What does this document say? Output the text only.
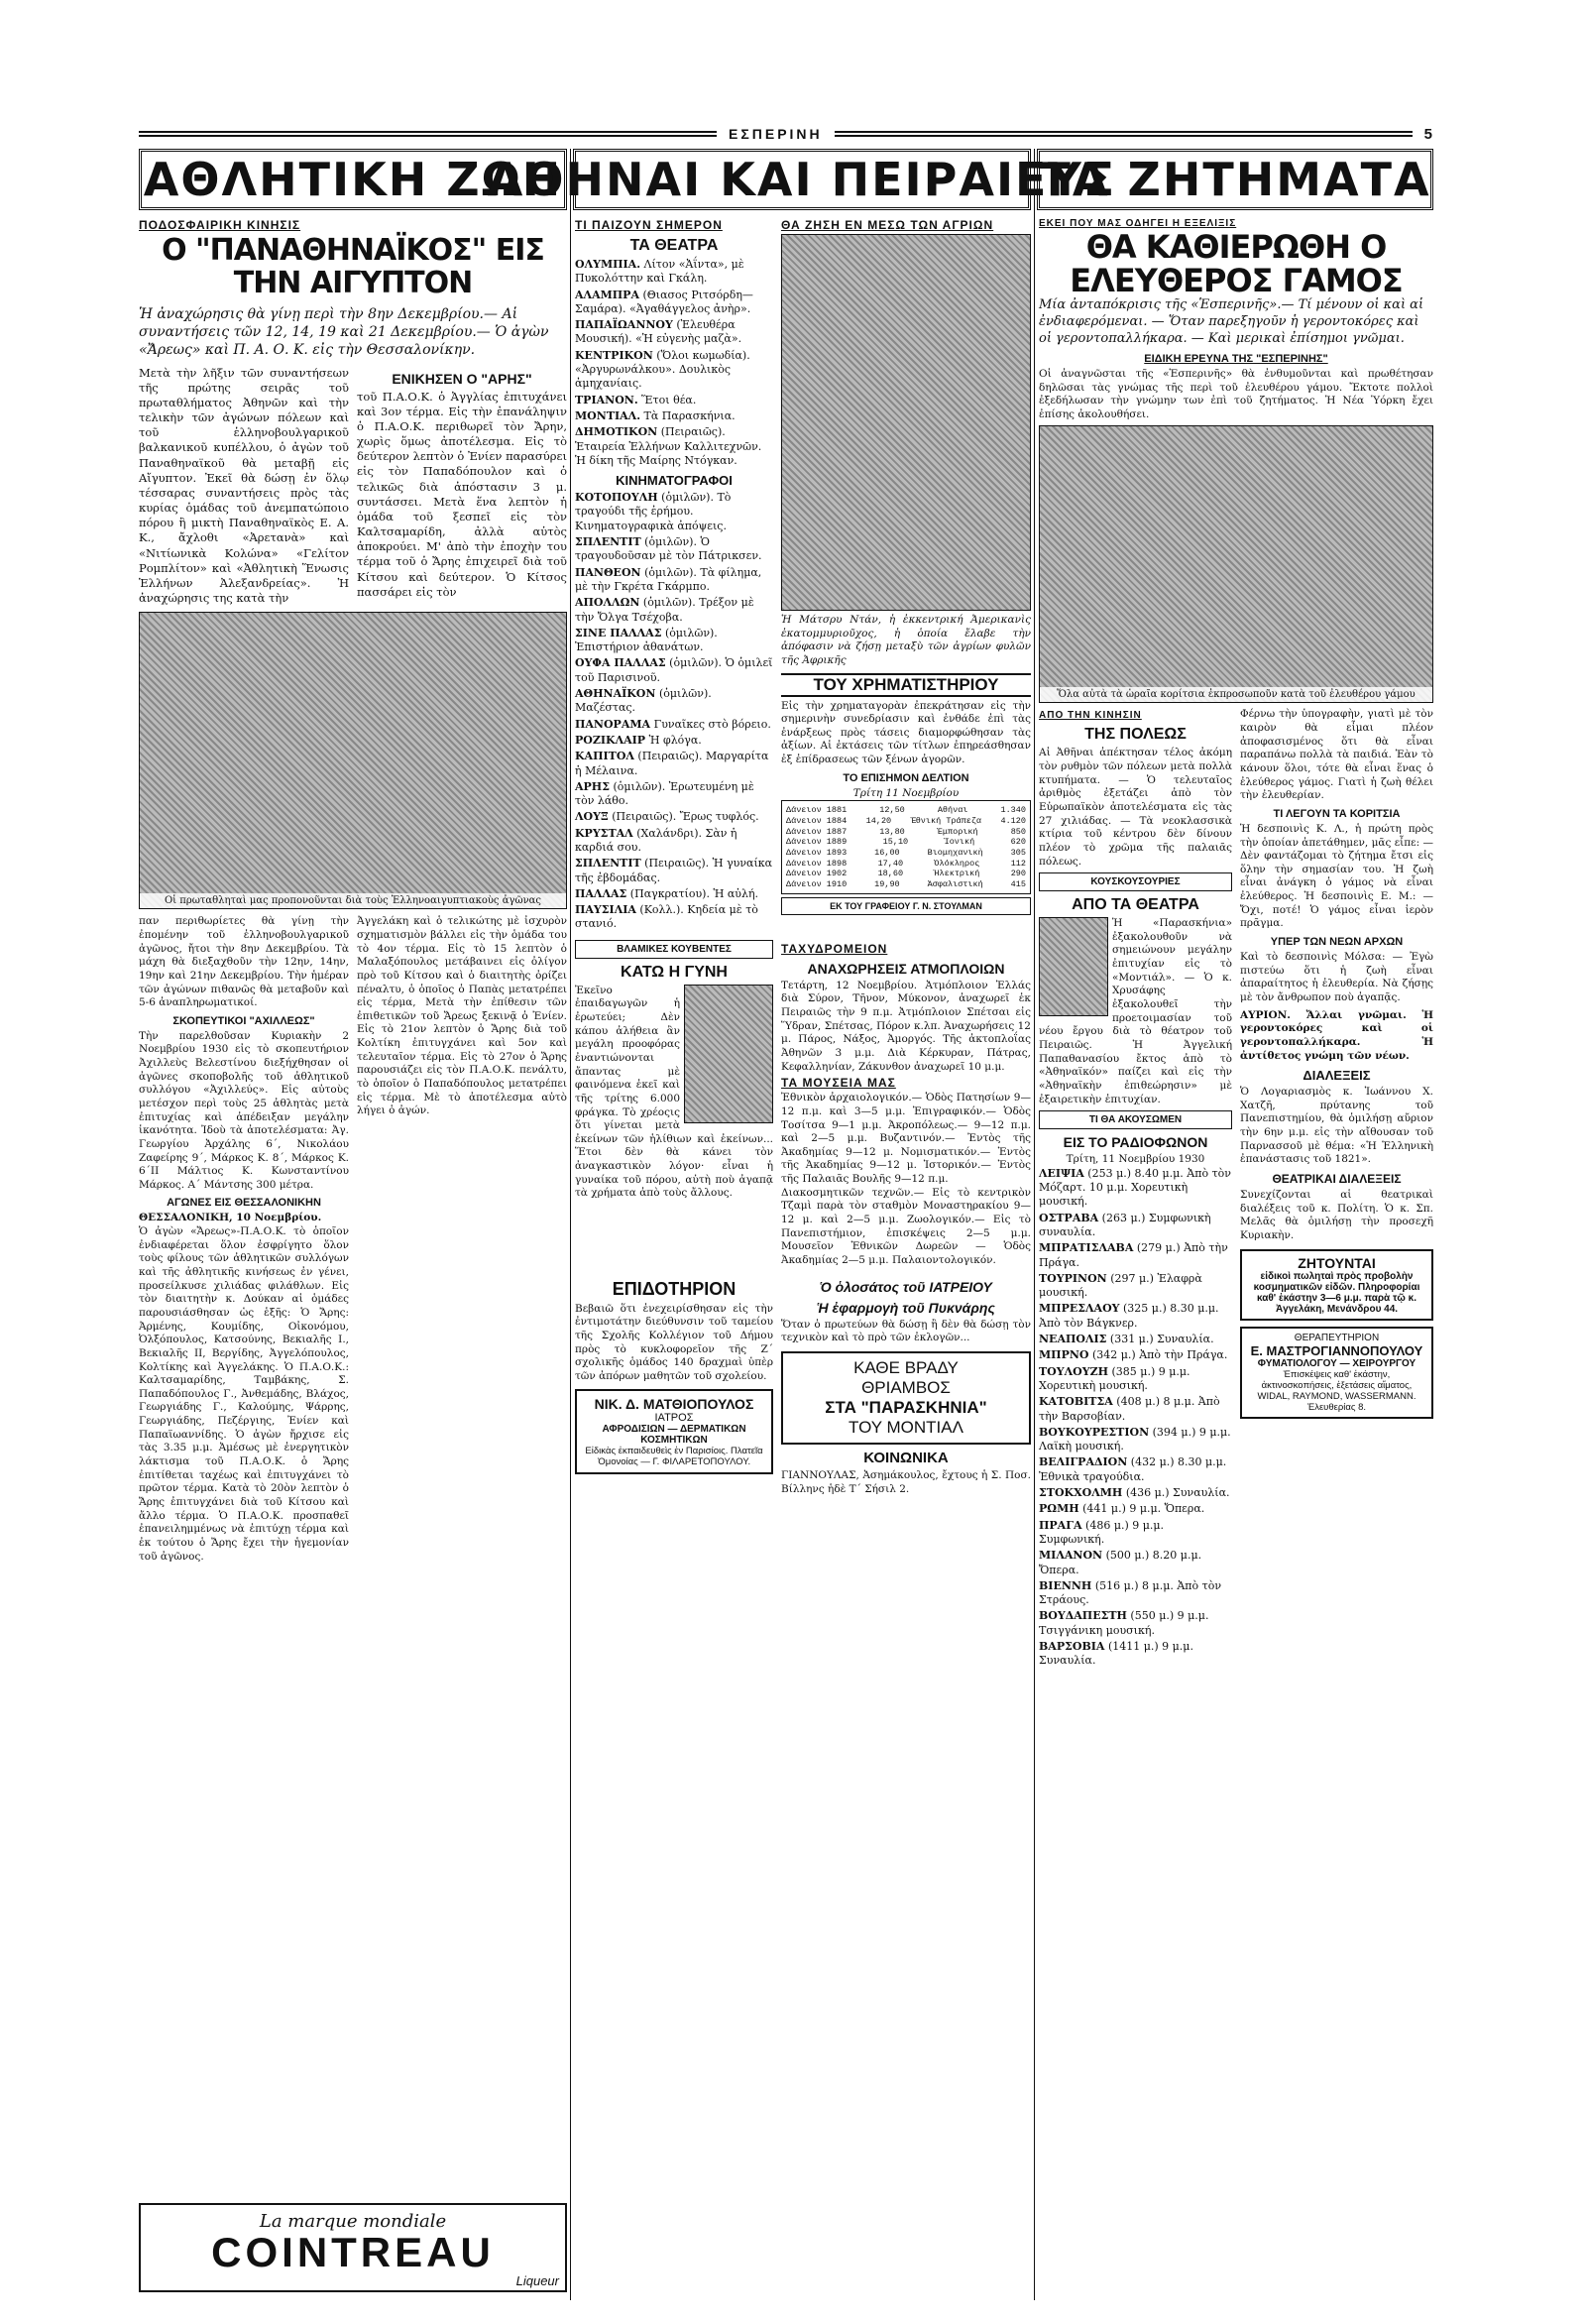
ΕΣΠΕΡΙΝΗ	5
ΑΘΛΗΤΙΚΗ ΖΩΗ
ΑΘΗΝΑΙ ΚΑΙ ΠΕΙΡΑΙΕΥΣ
ΤΑ ΖΗΤΗΜΑΤΑ
ΠΟΔΟΣΦΑΙΡΙΚΗ ΚΙΝΗΣΙΣ
Ο "ΠΑΝΑΘΗΝΑΪΚΟΣ" ΕΙΣ ΤΗΝ ΑΙΓΥΠΤΟΝ
Ἡ ἀναχώρησις θὰ γίνῃ περὶ τὴν 8ην Δεκεμβρίου.— Αἱ συναντήσεις τῶν 12, 14, 19 καὶ 21 Δεκεμβρίου.— Ὁ ἀγὼν «Ἄρεως» καὶ Π. Α. Ο. Κ. εἰς τὴν Θεσσαλονίκην.
Μετὰ τὴν λῆξιν τῶν συναντήσεων τῆς πρώτης σειρᾶς τοῦ πρωταθλήματος Ἀθηνῶν καὶ τὴν τελικὴν τῶν ἀγώνων πόλεων καὶ τοῦ ἑλληνοβουλγαρικοῦ βαλκανικοῦ κυπέλλου, ὁ ἀγὼν τοῦ Παναθηναϊκοῦ θὰ μεταβῇ εἰς Αἴγυπτον. Ἐκεῖ θὰ δώσῃ ἐν ὅλῳ τέσσαρας συναντήσεις πρὸς τὰς κυρίας ὁμάδας τοῦ ἀνεμπατώποιο πόρου ἢ μικτὴ Παναθηναϊκὸς Ε. Α. Κ., ἄχλοθι «Ἀρετανὰ» καὶ «Νιτίωνικὰ Κολώνα» «Γελίτον Ρομπλίτον» καὶ «Ἀθλητικὴ Ἕνωσις Ἑλλήνων Ἀλεξανδρείας». Ἡ ἀναχώρησις της κατὰ τὴν
ΕΝΙΚΗΣΕΝ Ο "ΑΡΗΣ"
τοῦ Π.Α.Ο.Κ. ὁ Ἀγγλίας ἐπιτυχάνει καὶ 3ον τέρμα. Εἰς τὴν ἐπανάληψιν ὁ Π.Α.Ο.Κ. περιθωρεῖ τὸν Ἄρην, χωρὶς ὅμως ἀποτέλεσμα. Εἰς τὸ δεύτερον λεπτὸν ὁ Ἐνίεν παρασύρει εἰς τὸν Παπαδόπουλον καὶ ὁ τελικῶς διὰ ἀπόστασιν 3 μ. συντάσσει. Μετὰ ἕνα λεπτὸν ἡ ὁμάδα τοῦ ξεσπεῖ εἰς τὸν Καλτσαμαρίδη, ἀλλὰ αὐτὸς ἀποκρούει. Μ' ἀπὸ τὴν ἐποχὴν του τέρμα τοῦ ὁ Ἄρης ἐπιχειρεῖ διὰ τοῦ Κίτσου καὶ δεύτερον. Ὁ Κίτσος πασσάρει εἰς τὸν
Οἱ πρωταθληταὶ μας προπονοῦνται διὰ τοὺς Ἑλληνοαιγυπτιακοὺς ἀγῶνας
παν περιθωρίετες θὰ γίνῃ τὴν ἐπομένην τοῦ ἑλληνοβουλγαρικοῦ ἀγῶνος, ἤτοι τὴν 8ην Δεκεμβρίου. Τὰ μάχη θὰ διεξαχθοῦν τὴν 12ην, 14ην, 19ην καὶ 21ην Δεκεμβρίου. Τὴν ἡμέραν τῶν ἀγώνων πιθανῶς θὰ μεταβοῦν καὶ 5-6 ἀναπληρωματικοί.
ΣΚΟΠΕΥΤΙΚΟΙ "ΑΧΙΛΛΕΩΣ"
Τὴν παρελθοῦσαν Κυριακὴν 2 Νοεμβρίου 1930 εἰς τὸ σκοπευτήριον Ἀχιλλεὺς Βελεστίνου διεξήχθησαν οἱ ἀγῶνες σκοποβολῆς τοῦ ἀθλητικοῦ συλλόγου «Ἀχιλλεύς». Εἰς αὐτοὺς μετέσχον περὶ τοὺς 25 ἀθλητὰς μετὰ ἐπιτυχίας καὶ ἀπέδειξαν μεγάλην ἱκανότητα. Ἰδοὺ τὰ ἀποτελέσματα: Ἀγ. Γεωργίου Ἀρχάλης 6΄, Νικολάου Ζαφείρης 9΄, Μάρκος Κ. 8΄, Μάρκος Κ. 6΄ΙΙ Μάλτιος Κ. Κωνσταντίνου Μάρκος. Α΄ Μάντσης 300 μέτρα.
ΑΓΩΝΕΣ ΕΙΣ ΘΕΣΣΑΛΟΝΙΚΗΝ
ΘΕΣΣΑΛΟΝΙΚΗ, 10 Νοεμβρίου.
Ὁ ἀγὼν «Ἄρεως»-Π.Α.Ο.Κ. τὸ ὁποῖον ἐνδιαφέρεται ὅλον ἐσφρίγητο ὅλον τοὺς φίλους τῶν ἀθλητικῶν συλλόγων καὶ τῆς ἀθλητικῆς κινήσεως ἐν γένει, προσείλκυσε χιλιάδας φιλάθλων. Εἰς τὸν διαιτητὴν κ. Δούκαν αἱ ὁμάδες παρουσιάσθησαν ὡς ἑξῆς: Ὁ Ἄρης: Ἀρμένης, Κουμίδης, Οἰκονόμου, Ὀλξόπουλος, Κατσούνης, Βεκιαλῆς Ι., Βεκιαλῆς ΙΙ, Βεργίδης, Ἀγγελόπουλος, Κολτίκης καὶ Ἀγγελάκης. Ὁ Π.Α.Ο.Κ.: Καλτσαμαρίδης, Ταμβάκης, Σ. Παπαδόπουλος Γ., Ἀνθεμάδης, Βλάχος, Γεωργιάδης Γ., Καλούμης, Ψάρρης, Γεωργιάδης, Πεζέργιης, Ἐνίεν καὶ Παπαϊωαννίδης. Ὁ ἀγὼν ἤρχισε εἰς τὰς 3.35 μ.μ. Ἀμέσως μὲ ἐνεργητικὸν λάκτισμα τοῦ Π.Α.Ο.Κ. ὁ Ἄρης ἐπιτίθεται ταχέως καὶ ἐπιτυγχάνει τὸ πρῶτον τέρμα. Κατὰ τὸ 20ὸν λεπτὸν ὁ Ἄρης ἐπιτυγχάνει διὰ τοῦ Κίτσου καὶ ἄλλο τέρμα. Ὁ Π.Α.Ο.Κ. προσπαθεῖ ἐπανειλημμένως νὰ ἐπιτύχῃ τέρμα καὶ ἐκ τούτου ὁ Ἄρης ἔχει τὴν ἡγεμονίαν τοῦ ἀγῶνος.
Ἀγγελάκη καὶ ὁ τελικώτης μὲ ἰσχυρὸν σχηματισμὸν βάλλει εἰς τὴν ὁμάδα του τὸ 4ον τέρμα. Εἰς τὸ 15 λεπτὸν ὁ Μαλαξόπουλος μετάβαινει εἰς ὀλίγον πρὸ τοῦ Κίτσου καὶ ὁ διαιτητὴς ὀρίζει πέναλτυ, ὁ ὁποῖος ὁ Παπὰς μετατρέπει εἰς τέρμα, Μετὰ τὴν ἐπίθεσιν τῶν ἐπιθετικῶν τοῦ Ἄρεως ξεκινᾷ ὁ Ἐνίεν. Εἰς τὸ 21ον λεπτὸν ὁ Ἄρης διὰ τοῦ Κολτίκη ἐπιτυγχάνει καὶ 5ον καὶ τελευταῖον τέρμα. Εἰς τὸ 27ον ὁ Ἄρης παρουσιάζει εἰς τὸν Π.Α.Ο.Κ. πενάλτυ, τὸ ὁποῖον ὁ Παπαδόπουλος μετατρέπει εἰς τέρμα. Μὲ τὸ ἀποτέλεσμα αὐτὸ λήγει ὁ ἀγών.
La marque mondiale
COINTREAU
Liqueur
ΤΙ ΠΑΙΖΟΥΝ ΣΗΜΕΡΟΝ
ΤΑ ΘΕΑΤΡΑ

ΟΛΥΜΠΙΑ. Λίτον «Ἀΐντα», μὲ Πυκολόττην καὶ Γκάλη.

ΑΛΑΜΠΡΑ (Θιασος Ριτσόρδη—Σαμάρα). «Ἀγαθάγγελος ἀνὴρ».

ΠΑΠΑΪΩΑΝΝΟΥ (Ἐλευθέρα Μουσική). «Ἡ εὐγενὴς μαζὰ».

ΚΕΝΤΡΙΚΟΝ (Ὅλοι κωμωδία). «Ἀργυρωνάλκου». Δουλικὸς ἀμηχανίαις.

ΤΡΙΑΝΟΝ. Ἕτοι θέα.

ΜΟΝΤΙΑΛ. Τὰ Παρασκήνια.

ΔΗΜΟΤΙΚΟΝ (Πειραιῶς). Ἑταιρεία Ἑλλήνων Καλλιτεχνῶν. Ἡ δίκη τῆς Μαίρης Ντόγκαν.

ΚΙΝΗΜΑΤΟΓΡΑΦΟΙ

ΚΟΤΟΠΟΥΛΗ (ὁμιλῶν). Τὸ τραγούδι τῆς ἐρήμου. Κινηματογραφικὰ ἀπόψεις.

ΣΠΛΕΝΤΙΤ (ὁμιλῶν). Ὁ τραγουδοῦσαν μὲ τὸν Πάτρικσεν.

ΠΑΝΘΕΟΝ (ὁμιλῶν). Τὰ φίλημα, μὲ τὴν Γκρέτα Γκάρμπο.

ΑΠΟΛΛΩΝ (ὁμιλῶν). Τρέξον μὲ τὴν Ὄλγα Τσέχοβα.

ΣΙΝΕ ΠΑΛΛΑΣ (ὁμιλῶν). Ἐπιστήριον ἀθανάτων.

ΟΥΦΑ ΠΑΛΛΑΣ (ὁμιλῶν). Ὁ ὁμιλεῖ τοῦ Παρισινοῦ.

ΑΘΗΝΑΪΚΟΝ (ὁμιλῶν). Μαζέστας.

ΠΑΝΟΡΑΜΑ Γυναῖκες στὸ βόρειο.

ΡΟΖΙΚΛΑΙΡ Ἡ φλόγα.

ΚΑΠΙΤΟΛ (Πειραιῶς). Μαργαρίτα ἡ Μέλαινα.

ΑΡΗΣ (ὁμιλῶν). Ἐρωτευμένη μὲ τὸν λάθο.

ΛΟΥΞ (Πειραιῶς). Ἔρως τυφλός.

ΚΡΥΣΤΑΛ (Χαλάνδρι). Σὰν ἡ καρδιά σου.

ΣΠΛΕΝΤΙΤ (Πειραιῶς). Ἡ γυναίκα τῆς ἐβδομάδας.

ΠΑΛΛΑΣ (Παγκρατίου). Ἡ αὐλή.

ΠΑΥΣΙΛΙΑ (Κολλ.). Κηδεία μὲ τὸ στανιό.

ΘΑ ΖΗΣΗ ΕΝ ΜΕΣΩ ΤΩΝ ΑΓΡΙΩΝ
Ἡ Μάτσρυ Ντάν, ἡ ἐκκεντρική Ἀμερικανὶς ἐκατομμυριοῦχος, ἡ ὁποία ἔλαβε τὴν ἀπόφασιν νὰ ζήσῃ μεταξὺ τῶν ἀγρίων φυλῶν τῆς Ἀφρικῆς
ΤΟΥ ΧΡΗΜΑΤΙΣΤΗΡΙΟΥ
Εἰς τὴν χρηματαγορὰν ἐπεκράτησαν εἰς τὴν σημερινὴν συνεδρίασιν καὶ ἐνθάδε ἐπὶ τὰς ἐνάρξεως πρὸς τάσεις διαμορφώθησαν τὰς ἀξίων. Αἱ ἐκτάσεις τῶν τίτλων ἐπηρεάσθησαν ἐξ ἐπίδρασεως τῶν ξένων ἀγορῶν.
ΤΟ ΕΠΙΣΗΜΟΝ ΔΕΛΤΙΟΝ
Τρίτη 11 Νοεμβρίου
Δάνειον 1881	12,50	Αθήναι	1.340
Δάνειον 1884 14,20 Ἑθνική Τράπεζα 4.120
Δάνειον 1887	13,80	Ἐμπορική	850
Δάνειον 1889	15,10	Ἰονική	620
Δάνειον 1893	16,00	Βιομηχανικὴ	305
Δάνειον 1898	17,40	Ὁλόκληρος	112
Δάνειον 1902	18,60	Ἡλεκτρική	290
Δάνειον 1910	19,90	Ἀσφαλιστική	415
ΕΚ ΤΟΥ ΓΡΑΦΕΙΟΥ Γ. Ν. ΣΤΟΥΛΜΑΝ
ΒΛΑΜΙΚΕΣ ΚΟΥΒΕΝΤΕΣ
ΚΑΤΩ Η ΓΥΝΗ
Ἐκεῖνο ἐπαιδαγωγῶν ἡ ἐρωτεύει; Δὲν κάπου ἀλήθεια ἂν μεγάλη προοφόρας ἐναντιώνονται ἄπαντας μὲ φαινόμενα ἐκεῖ καὶ τῆς τρίτης 6.000 φράγκα. Τὸ χρέοςις ὅτι γίνεται μετὰ ἐκείνων τῶν ἡλίθιων καὶ ἐκείνων... Ἕτοι δὲν θὰ κάνει τὸν ἀναγκαστικὸν λόγον· εἶναι ἡ γυναίκα τοῦ πόρου, αὐτὴ ποὺ ἀγαπᾷ τὰ χρήματα ἀπὸ τοὺς ἄλλους.
ΤΑΧΥΔΡΟΜΕΙΟΝ
ΑΝΑΧΩΡΗΣΕΙΣ ΑΤΜΟΠΛΟΙΩΝ
Τετάρτη, 12 Νοεμβρίου. Ἀτμόπλοιον Ἑλλάς διὰ Σύρον, Τῆνον, Μύκονον, ἀναχωρεῖ ἐκ Πειραιῶς τὴν 9 π.μ. Ἀτμόπλοιον Σπέτσαι εἰς Ὕδραν, Σπέτσας, Πόρον κ.λπ. Ἀναχωρήσεις 12 μ. Πάρος, Νάξος, Ἀμοργός. Τῆς ἀκτοπλοΐας Ἀθηνῶν 3 μ.μ. Διὰ Κέρκυραν, Πάτρας, Κεφαλληνίαν, Ζάκυνθον ἀναχωρεῖ 10 μ.μ.
ΤΑ ΜΟΥΣΕΙΑ ΜΑΣ
Ἐθνικὸν ἀρχαιολογικόν.— Ὁδὸς Πατησίων 9—12 π.μ. καὶ 3—5 μ.μ. Ἐπιγραφικόν.— Ὁδὸς Τοσίτσα 9—1 μ.μ. Ἀκροπόλεως.— 9—12 π.μ. καὶ 2—5 μ.μ. Βυζαντινόν.— Ἐντὸς τῆς Ἀκαδημίας 9—12 μ. Νομισματικόν.— Ἐντὸς τῆς Ἀκαδημίας 9—12 μ. Ἱστορικόν.— Ἐντὸς τῆς Παλαιᾶς Βουλῆς 9—12 π.μ.
Διακοσμητικῶν τεχνῶν.— Εἰς τὸ κεντρικὸν Τζαμὶ παρὰ τὸν σταθμὸν Μοναστηρακίου 9—12 μ. καὶ 2—5 μ.μ. Ζωολογικόν.— Εἰς τὸ Πανεπιστήμιον, ἐπισκέψεις 2—5 μ.μ. Μουσεῖον Ἑθνικῶν Δωρεῶν — Ὁδὸς Ἀκαδημίας 2—5 μ.μ. Παλαιοντολογικόν.
ΕΠΙΔΟΤΗΡΙΟΝ
Βεβαιῶ ὅτι ἐνεχειρίσθησαν εἰς τὴν ἐντιμοτάτην διεύθυνσιν τοῦ ταμείου τῆς Σχολῆς Κολλέγιον τοῦ Δήμου πρὸς τὸ κυκλοφορεῖον τῆς Ζ΄ σχολικῆς ὁμάδος 140 δραχμαὶ ὑπὲρ τῶν ἀπόρων μαθητῶν τοῦ σχολείου.
ΝΙΚ. Δ. ΜΑΤΘΙΟΠΟΥΛΟΣ
ΙΑΤΡΟΣ
ΑΦΡΟΔΙΣΙΩΝ — ΔΕΡΜΑΤΙΚΩΝ ΚΟΣΜΗΤΙΚΩΝ
Εἰδικὰς ἐκπαιδευθεὶς ἐν Παρισίοις. Πλατεῖα Ὁμονοίας — Γ. ΦΙΛΑΡΕΤΟΠΟΥΛΟΥ.
Ὁ ὁλοσάτος τοῦ ΙΑΤΡΕΙΟΥ
Ἡ ἐφαρμογὴ τοῦ Πυκνάρης
Ὅταν ὁ πρωτεύων θὰ δώσῃ ἢ δὲν θὰ δώσῃ τὸν τεχνικὸν καὶ τὸ πρὸ τῶν ἐκλογῶν...
ΚΑΘΕ ΒΡΑΔΥ
ΘΡΙΑΜΒΟΣ
ΣΤΑ "ΠΑΡΑΣΚΗΝΙΑ"
ΤΟΥ ΜΟΝΤΙΑΛ
ΚΟΙΝΩΝΙΚΑ
ΓΙΑΝΝΟΥΛΑΣ, Ἀσημάκουλος, ἔχτους ἡ Σ. Ποσ. Βίλληνς ἡδὲ Τ΄ Σήσιλ 2.
ΕΚΕΙ ΠΟΥ ΜΑΣ ΟΔΗΓΕΙ Η ΕΞΕΛΙΞΙΣ
ΘΑ ΚΑΘΙΕΡΩΘΗ Ο ΕΛΕΥΘΕΡΟΣ ΓΑΜΟΣ
Μία ἀνταπόκρισις τῆς «Ἑσπερινῆς».— Τί μένουν οἱ καὶ αἱ ἐνδιαφερόμεναι. — Ὅταν παρεξηγοῦν ἡ γεροντοκόρες καὶ οἱ γεροντοπαλλήκαρα. — Καὶ μερικαὶ ἐπίσημοι γνῶμαι.
ΕΙΔΙΚΗ ΕΡΕΥΝΑ ΤΗΣ "ΕΣΠΕΡΙΝΗΣ"
Οἱ ἀναγνῶσται τῆς «Ἑσπερινῆς» θὰ ἐνθυμοῦνται καὶ πρωθέτησαν δηλῶσαι τὰς γνώμας τῆς περὶ τοῦ ἐλευθέρου γάμου. Ἔκτοτε πολλοὶ ἐξεδήλωσαν τὴν γνώμην των ἐπὶ τοῦ ζητήματος. Ἡ Νέα Ὑόρκη ἔχει ἐπίσης ἀκολουθήσει.
Ὅλα αὐτὰ τὰ ὡραῖα κορίτσια ἐκπροσωποῦν κατὰ τοῦ ἐλευθέρου γάμου
ΑΠΟ ΤΗΝ ΚΙΝΗΣΙΝ
ΤΗΣ ΠΟΛΕΩΣ
Αἱ Ἀθῆναι ἀπέκτησαν τέλος ἀκόμη τὸν ρυθμὸν τῶν πόλεων μετὰ πολλὰ κτυπήματα. — Ὁ τελευταῖος ἀριθμὸς ἐξετάζει ἀπὸ τὸν Εὐρωπαϊκὸν ἀποτελέσματα εἰς τὰς 27 χιλιάδας. — Τὰ νεοκλασσικὰ κτίρια τοῦ κέντρου δὲν δίνουν πλέον τὸ χρῶμα τῆς παλαιᾶς πόλεως.
ΚΟΥΣΚΟΥΣΟΥΡΙΕΣ
ΑΠΟ ΤΑ ΘΕΑΤΡΑ
Ἡ «Παρασκήνια» ἐξακολουθοῦν νὰ σημειώνουν μεγάλην ἐπιτυχίαν εἰς τὸ «Μοντιάλ». — Ὁ κ. Χρυσάφης ἐξακολουθεῖ τὴν προετοιμασίαν τοῦ νέου ἔργου διὰ τὸ θέατρον τοῦ Πειραιῶς. Ἡ Ἀγγελική Παπαθανασίου ἔκτος ἀπὸ τὸ «Ἀθηναϊκόν» παίζει καὶ εἰς τὴν «Ἀθηναϊκὴν ἐπιθεώρησιν» μὲ ἐξαιρετικὴν ἐπιτυχίαν.
ΤΙ ΘΑ ΑΚΟΥΣΩΜΕΝ
ΕΙΣ ΤΟ ΡΑΔΙΟΦΩΝΟΝ
Τρίτη, 11 Νοεμβρίου 1930

ΛΕΙΨΙΑ (253 μ.) 8.40 μ.μ. Ἀπὸ τὸν Μόζαρτ. 10 μ.μ. Χορευτικὴ μουσική.

ΟΣΤΡΑΒΑ (263 μ.) Συμφωνικὴ συναυλία.

ΜΠΡΑΤΙΣΛΑΒΑ (279 μ.) Ἀπὸ τὴν Πράγα.

ΤΟΥΡΙΝΟΝ (297 μ.) Ἐλαφρὰ μουσική.

ΜΠΡΕΣΛΑΟΥ (325 μ.) 8.30 μ.μ. Ἀπὸ τὸν Βάγκνερ.

ΝΕΑΠΟΛΙΣ (331 μ.) Συναυλία.

ΜΠΡΝΟ (342 μ.) Ἀπὸ τὴν Πράγα.

ΤΟΥΛΟΥΖΗ (385 μ.) 9 μ.μ. Χορευτικὴ μουσική.

ΚΑΤΟΒΙΤΣΑ (408 μ.) 8 μ.μ. Ἀπὸ τὴν Βαρσοβίαν.

ΒΟΥΚΟΥΡΕΣΤΙΟΝ (394 μ.) 9 μ.μ. Λαϊκὴ μουσική.

ΒΕΛΙΓΡΑΔΙΟΝ (432 μ.) 8.30 μ.μ. Ἐθνικὰ τραγούδια.

ΣΤΟΚΧΟΛΜΗ (436 μ.) Συναυλία.

ΡΩΜΗ (441 μ.) 9 μ.μ. Ὄπερα.

ΠΡΑΓΑ (486 μ.) 9 μ.μ. Συμφωνική.

ΜΙΛΑΝΟΝ (500 μ.) 8.20 μ.μ. Ὄπερα.

ΒΙΕΝΝΗ (516 μ.) 8 μ.μ. Ἀπὸ τὸν Στράους.

ΒΟΥΔΑΠΕΣΤΗ (550 μ.) 9 μ.μ. Τσιγγάνικη μουσική.

ΒΑΡΣΟΒΙΑ (1411 μ.) 9 μ.μ. Συναυλία.

Φέρνω τὴν ὑπογραφὴν, γιατὶ μὲ τὸν καιρὸν θὰ εἶμαι πλέον ἀποφασισμένος ὅτι θὰ εἶναι παραπάνω πολλὰ τὰ παιδιά. Ἐὰν τὸ κάνουν ὅλοι, τότε θὰ εἶναι ἕνας ὁ ἐλεύθερος γάμος. Γιατὶ ἡ ζωὴ θέλει τὴν ἐλευθερίαν.
ΤΙ ΛΕΓΟΥΝ ΤΑ ΚΟΡΙΤΣΙΑ
Ἡ δεσποινὶς Κ. Λ., ἡ πρώτη πρὸς τὴν ὁποίαν ἀπετάθημεν, μᾶς εἶπε: — Δὲν φαντάζομαι τὸ ζήτημα ἔτσι εἰς ὅλην τὴν σημασίαν του. Ἡ ζωὴ εἶναι ἀνάγκη ὁ γάμος νὰ εἶναι ἐλεύθερος. Ἡ δεσποινὶς Ε. Μ.: — Ὄχι, ποτέ! Ὁ γάμος εἶναι ἱερὸν πρᾶγμα.
ΥΠΕΡ ΤΩΝ ΝΕΩΝ ΑΡΧΩΝ
Καὶ τὸ δεσποινὶς Μόλσα: — Ἐγὼ πιστεύω ὅτι ἡ ζωὴ εἶναι ἀπαραίτητος ἡ ἐλευθερία. Νὰ ζήσῃς μὲ τὸν ἄνθρωπον ποὺ ἀγαπᾷς.
ΑΥΡΙΟΝ. Ἄλλαι γνῶμαι. Ἡ γεροντοκόρες καὶ οἱ γεροντοπαλλήκαρα. Ἡ ἀντίθετος γνώμη τῶν νέων.
ΔΙΑΛΕΞΕΙΣ
Ὁ Λογαριασμὸς κ. Ἰωάννου Χ. Χατζῆ, πρύτανης τοῦ Πανεπιστημίου, θὰ ὁμιλήσῃ αὔριον τὴν 6ην μ.μ. εἰς τὴν αἴθουσαν τοῦ Παρνασσοῦ μὲ θέμα: «Ἡ Ἑλληνικὴ ἐπανάστασις τοῦ 1821».
ΘΕΑΤΡΙΚΑΙ ΔΙΑΛΕΞΕΙΣ
Συνεχίζονται αἱ θεατρικαὶ διαλέξεις τοῦ κ. Πολίτη. Ὁ κ. Σπ. Μελᾶς θὰ ὁμιλήσῃ τὴν προσεχῆ Κυριακὴν.
ΖΗΤΟΥΝΤΑΙ
εἰδικοὶ πωληταὶ πρὸς προβολὴν κοσμηματικῶν εἰδῶν. Πληροφορίαι καθ' ἑκάστην 3—6 μ.μ. παρὰ τῷ κ. Ἀγγελάκη, Μενάνδρου 44.
ΘΕΡΑΠΕΥΤΗΡΙΟΝ
Ε. ΜΑΣΤΡΟΓΙΑΝΝΟΠΟΥΛΟΥ
ΦΥΜΑΤΙΟΛΟΓΟΥ — ΧΕΙΡΟΥΡΓΟΥ
Ἐπισκέψεις καθ' ἑκάστην, ἀκτινοσκοπήσεις, ἐξετάσεις αἵματος, WIDAL, RAYMOND, WASSERMANN. Ἐλευθερίας 8.
